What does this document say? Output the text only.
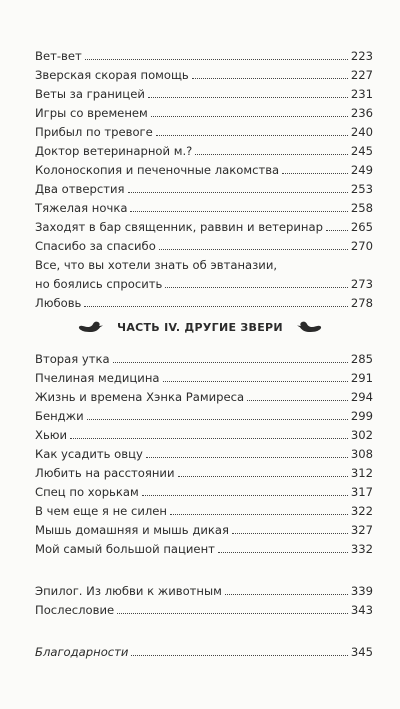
Вет-вет	223
Зверская скорая помощь	227
Веты за границей	231
Игры со временем	236
Прибыл по тревоге	240
Доктор ветеринарной м.?	245
Колоноскопия и печеночные лакомства	249
Два отверстия	253
Тяжелая ночка	258
Заходят в бар священник, раввин и ветеринар 265
Спасибо за спасибо	270
Все, что вы хотели знать об эвтаназии,
но боялись спросить	273
Любовь	278
ЧАСТЬ IV. ДРУГИЕ ЗВЕРИ
Вторая утка	285
Пчелиная медицина	291
Жизнь и времена Хэнка Рамиреса	294
Бенджи	299
Хьюи	302
Как усадить овцу	308
Любить на расстоянии	312
Спец по хорькам	317
В чем еще я не силен	322
Мышь домашняя и мышь дикая	327
Мой самый большой пациент	332
Эпилог. Из любви к животным	339
Послесловие	343
Благодарности	345
